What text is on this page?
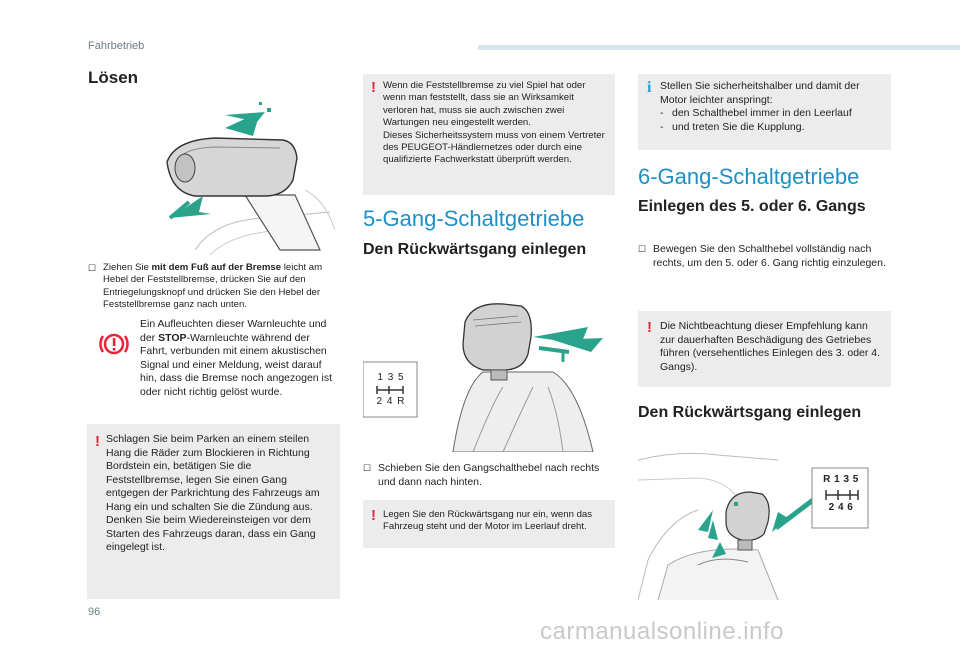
Fahrbetrieb
Lösen
☐ Ziehen Sie mit dem Fuß auf der Bremse leicht am Hebel der Feststellbremse, drücken Sie auf den Entriegelungsknopf und drücken Sie den Hebel der Feststellbremse ganz nach unten.
Ein Aufleuchten dieser Warnleuchte und der STOP-Warnleuchte während der Fahrt, verbunden mit einem akustischen Signal und einer Meldung, weist darauf hin, dass die Bremse noch angezogen ist oder nicht richtig gelöst wurde.
! Schlagen Sie beim Parken an einem steilen Hang die Räder zum Blockieren in Richtung Bordstein ein, betätigen Sie die Feststellbremse, legen Sie einen Gang entgegen der Parkrichtung des Fahrzeugs am Hang ein und schalten Sie die Zündung aus.
Denken Sie beim Wiedereinsteigen vor dem Starten des Fahrzeugs daran, dass ein Gang eingelegt ist.
! Wenn die Feststellbremse zu viel Spiel hat oder wenn man feststellt, dass sie an Wirksamkeit verloren hat, muss sie auch zwischen zwei Wartungen neu eingestellt werden.
Dieses Sicherheitssystem muss von einem Vertreter des PEUGEOT-Händlernetzes oder durch eine qualifizierte Fachwerkstatt überprüft werden.
5-Gang-Schaltgetriebe
Den Rückwärtsgang einlegen
1 3 5
2 4 R
☐ Schieben Sie den Gangschalthebel nach rechts und dann nach hinten.
! Legen Sie den Rückwärtsgang nur ein, wenn das Fahrzeug steht und der Motor im Leerlauf dreht.
i Stellen Sie sicherheitshalber und damit der Motor leichter anspringt:
- den Schalthebel immer in den Leerlauf
- und treten Sie die Kupplung.
6-Gang-Schaltgetriebe
Einlegen des 5. oder 6. Gangs
☐ Bewegen Sie den Schalthebel vollständig nach rechts, um den 5. oder 6. Gang richtig einzulegen.
! Die Nichtbeachtung dieser Empfehlung kann zur dauerhaften Beschädigung des Getriebes führen (versehentliches Einlegen des 3. oder 4. Gangs).
Den Rückwärtsgang einlegen
R 1 3 5
2 4 6
96
carmanualsonline.info
